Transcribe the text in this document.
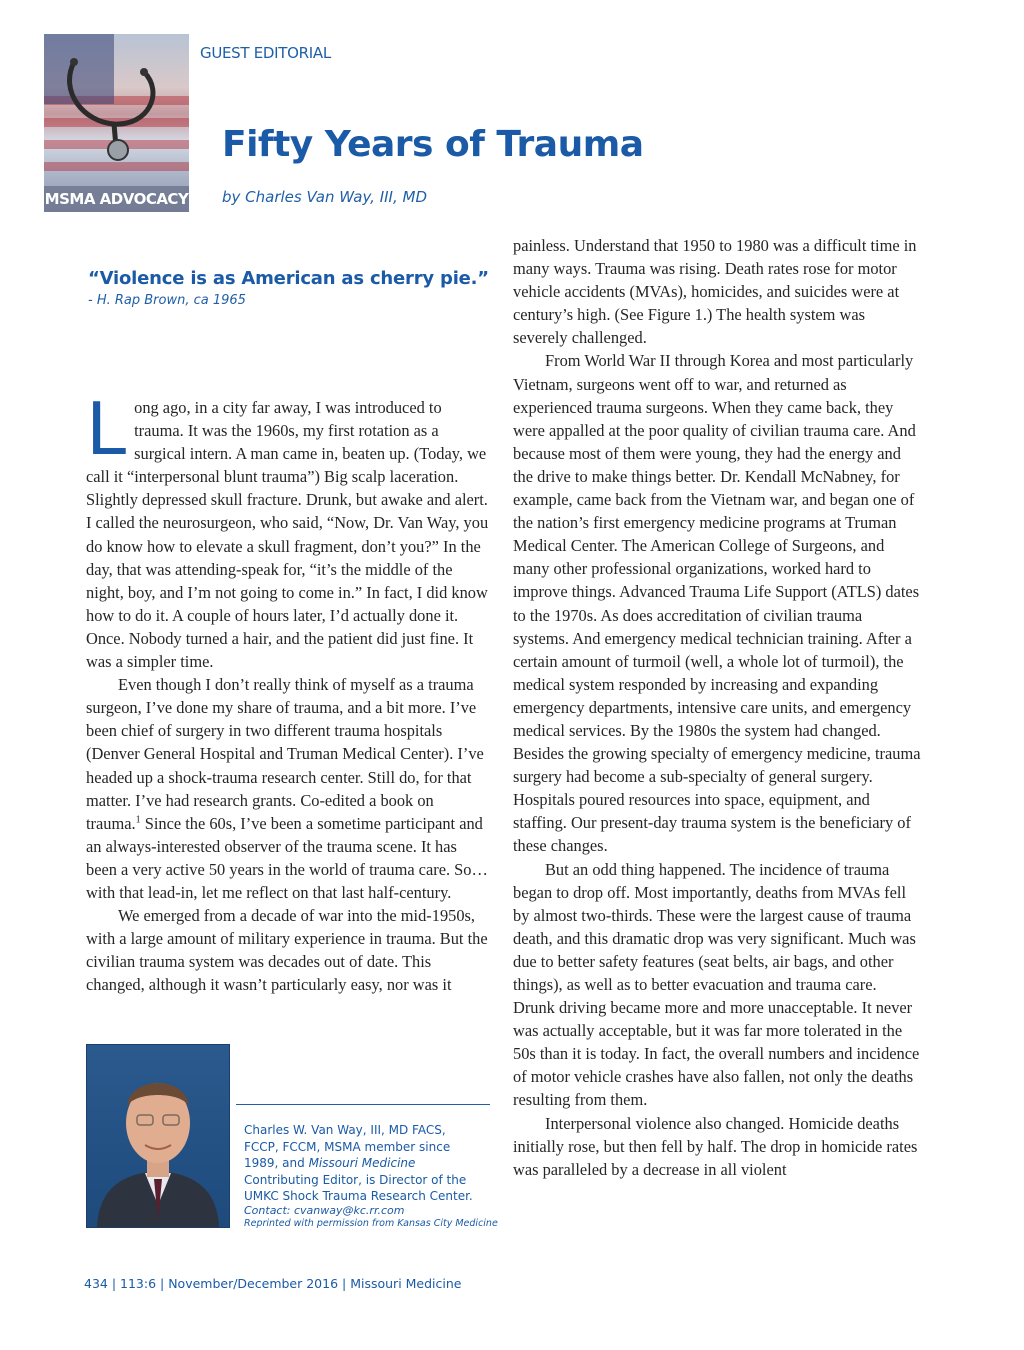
MSMA ADVOCACY
GUEST EDITORIAL
Fifty Years of Trauma
by Charles Van Way, III, MD
“Violence is as American as cherry pie.”
- H. Rap Brown, ca 1965

Long ago, in a city far away, I was introduced to trauma. It was the 1960s, my first rotation as a surgical intern. A man came in, beaten up. (Today, we call it “interpersonal blunt trauma”) Big scalp laceration. Slightly depressed skull fracture. Drunk, but awake and alert. I called the neurosurgeon, who said, “Now, Dr. Van Way, you do know how to elevate a skull fragment, don’t you?” In the day, that was attending-speak for, “it’s the middle of the night, boy, and I’m not going to come in.” In fact, I did know how to do it. A couple of hours later, I’d actually done it. Once. Nobody turned a hair, and the patient did just fine. It was a simpler time.

Even though I don’t really think of myself as a trauma surgeon, I’ve done my share of trauma, and a bit more. I’ve been chief of surgery in two different trauma hospitals (Denver General Hospital and Truman Medical Center). I’ve headed up a shock-trauma research center. Still do, for that matter. I’ve had research grants. Co-edited a book on trauma.$^1$ Since the 60s, I’ve been a sometime participant and an always-interested observer of the trauma scene. It has been a very active 50 years in the world of trauma care. So… with that lead-in, let me reflect on that last half-century.

We emerged from a decade of war into the mid-1950s, with a large amount of military experience in trauma. But the civilian trauma system was decades out of date. This changed, although it wasn’t particularly easy, nor was it

painless. Understand that 1950 to 1980 was a difficult time in many ways. Trauma was rising. Death rates rose for motor vehicle accidents (MVAs), homicides, and suicides were at century’s high. (See Figure 1.) The health system was severely challenged.

From World War II through Korea and most particularly Vietnam, surgeons went off to war, and returned as experienced trauma surgeons. When they came back, they were appalled at the poor quality of civilian trauma care. And because most of them were young, they had the energy and the drive to make things better. Dr. Kendall McNabney, for example, came back from the Vietnam war, and began one of the nation’s first emergency medicine programs at Truman Medical Center. The American College of Surgeons, and many other professional organizations, worked hard to improve things. Advanced Trauma Life Support (ATLS) dates to the 1970s. As does accreditation of civilian trauma systems. And emergency medical technician training. After a certain amount of turmoil (well, a whole lot of turmoil), the medical system responded by increasing and expanding emergency departments, intensive care units, and emergency medical services. By the 1980s the system had changed. Besides the growing specialty of emergency medicine, trauma surgery had become a sub-specialty of general surgery. Hospitals poured resources into space, equipment, and staffing. Our present-day trauma system is the beneficiary of these changes.

But an odd thing happened. The incidence of trauma began to drop off. Most importantly, deaths from MVAs fell by almost two-thirds. These were the largest cause of trauma death, and this dramatic drop was very significant. Much was due to better safety features (seat belts, air bags, and other things), as well as to better evacuation and trauma care. Drunk driving became more and more unacceptable. It never was actually acceptable, but it was far more tolerated in the 50s than it is today. In fact, the overall numbers and incidence of motor vehicle crashes have also fallen, not only the deaths resulting from them.

Interpersonal violence also changed. Homicide deaths initially rose, but then fell by half. The drop in homicide rates was paralleled by a decrease in all violent

Charles W. Van Way, III, MD FACS, FCCP, FCCM, MSMA member since 1989, and Missouri Medicine Contributing Editor, is Director of the UMKC Shock Trauma Research Center.
Contact: cvanway@kc.rr.com
Reprinted with permission from Kansas City Medicine
434 | 113:6 | November/December 2016 | Missouri Medicine
